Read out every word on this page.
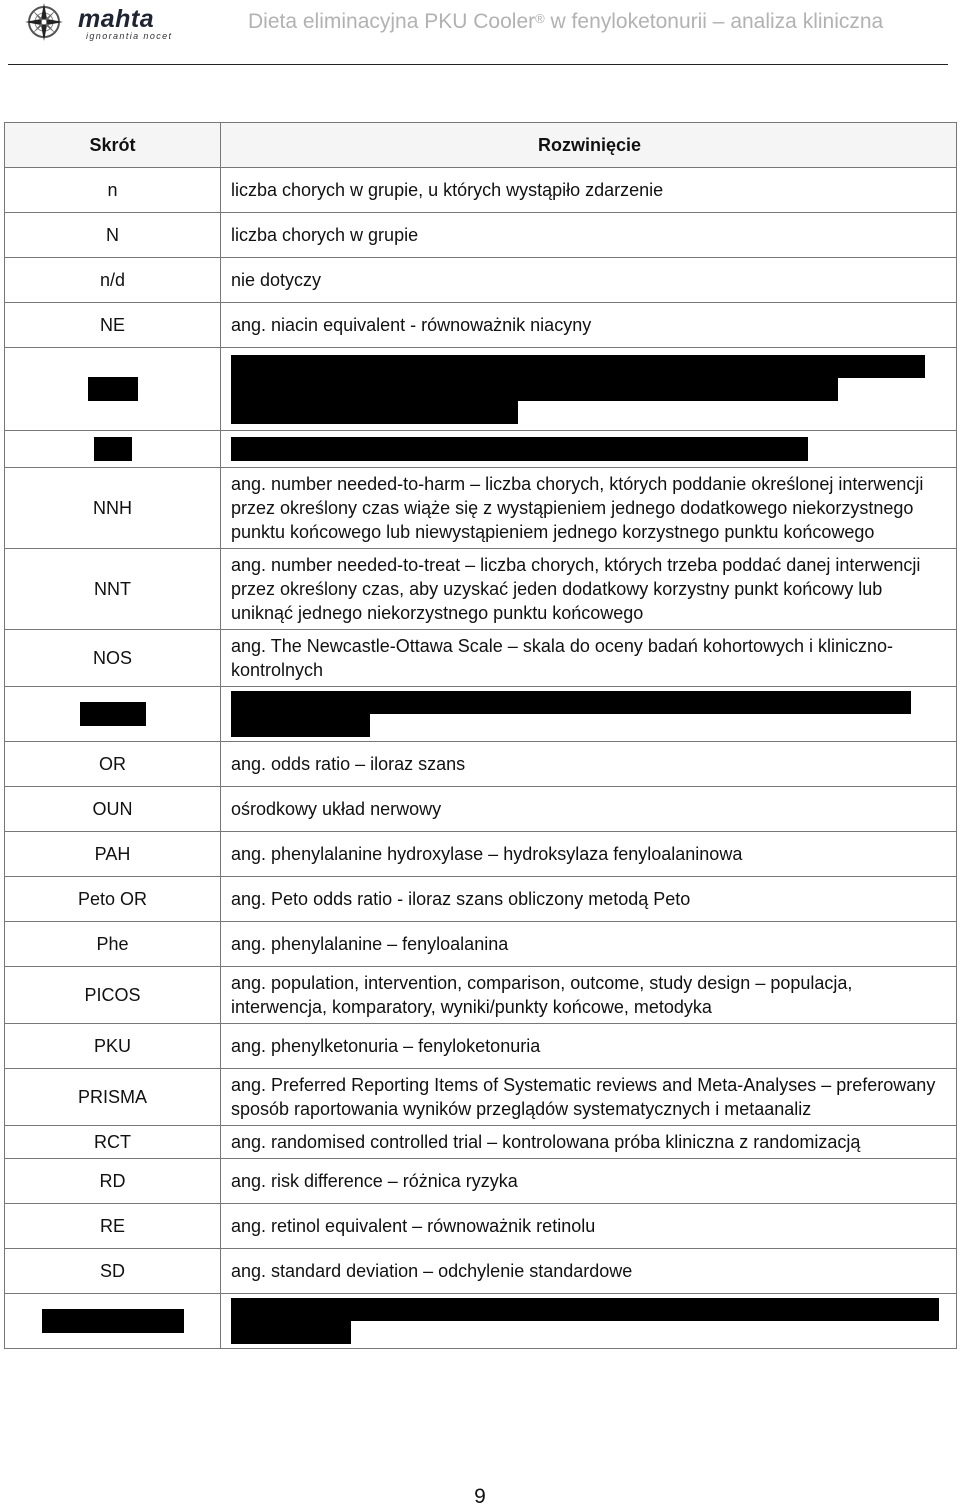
mahta
ignorantia nocet
Dieta eliminacyjna PKU Cooler® w fenyloketonurii – analiza kliniczna
Skrót	Rozwinięcie
n	liczba chorych w grupie, u których wystąpiło zdarzenie
N	liczba chorych w grupie
n/d	nie dotyczy
NE	ang. niacin equivalent - równoważnik niacyny

NNH	ang. number needed-to-harm – liczba chorych, których poddanie określonej interwencji przez określony czas wiąże się z wystąpieniem jednego dodatkowego niekorzystnego punktu końcowego lub niewystąpieniem jednego korzystnego punktu końcowego
NNT	ang. number needed-to-treat – liczba chorych, których trzeba poddać danej interwencji przez określony czas, aby uzyskać jeden dodatkowy korzystny punkt końcowy lub uniknąć jednego niekorzystnego punktu końcowego
NOS	ang. The Newcastle-Ottawa Scale – skala do oceny badań kohortowych i kliniczno-kontrolnych

OR	ang. odds ratio – iloraz szans
OUN	ośrodkowy układ nerwowy
PAH	ang. phenylalanine hydroxylase – hydroksylaza fenyloalaninowa
Peto OR	ang. Peto odds ratio - iloraz szans obliczony metodą Peto
Phe	ang. phenylalanine – fenyloalanina
PICOS	ang. population, intervention, comparison, outcome, study design – populacja, interwencja, komparatory, wyniki/punkty końcowe, metodyka
PKU	ang. phenylketonuria – fenyloketonuria
PRISMA	ang. Preferred Reporting Items of Systematic reviews and Meta-Analyses – preferowany sposób raportowania wyników przeglądów systematycznych i metaanaliz
RCT	ang. randomised controlled trial – kontrolowana próba kliniczna z randomizacją
RD	ang. risk difference – różnica ryzyka
RE	ang. retinol equivalent – równoważnik retinolu
SD	ang. standard deviation – odchylenie standardowe

9
